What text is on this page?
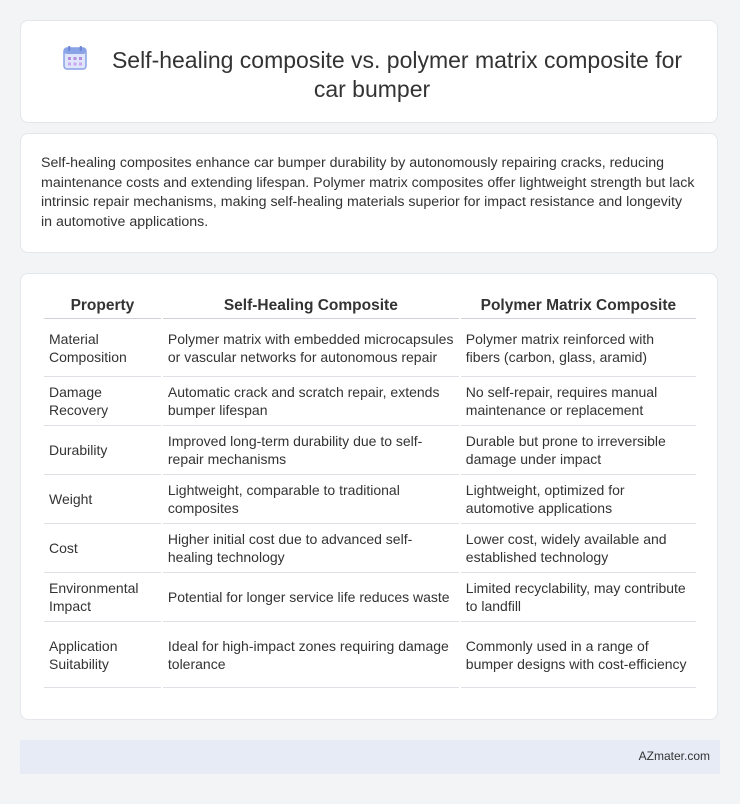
Self-healing composite vs. polymer matrix composite for car bumper
Self-healing composites enhance car bumper durability by autonomously repairing cracks, reducing maintenance costs and extending lifespan. Polymer matrix composites offer lightweight strength but lack intrinsic repair mechanisms, making self-healing materials superior for impact resistance and longevity in automotive applications.
Property	Self-Healing Composite	Polymer Matrix Composite
Material Composition	Polymer matrix with embedded microcapsules or vascular networks for autonomous repair	Polymer matrix reinforced with fibers (carbon, glass, aramid)
Damage Recovery	Automatic crack and scratch repair, extends bumper lifespan	No self-repair, requires manual maintenance or replacement
Durability	Improved long-term durability due to self-repair mechanisms	Durable but prone to irreversible damage under impact
Weight	Lightweight, comparable to traditional composites	Lightweight, optimized for automotive applications
Cost	Higher initial cost due to advanced self-healing technology	Lower cost, widely available and established technology
Environmental Impact	Potential for longer service life reduces waste	Limited recyclability, may contribute to landfill
Application Suitability	Ideal for high-impact zones requiring damage tolerance	Commonly used in a range of bumper designs with cost-efficiency
AZmater.com
